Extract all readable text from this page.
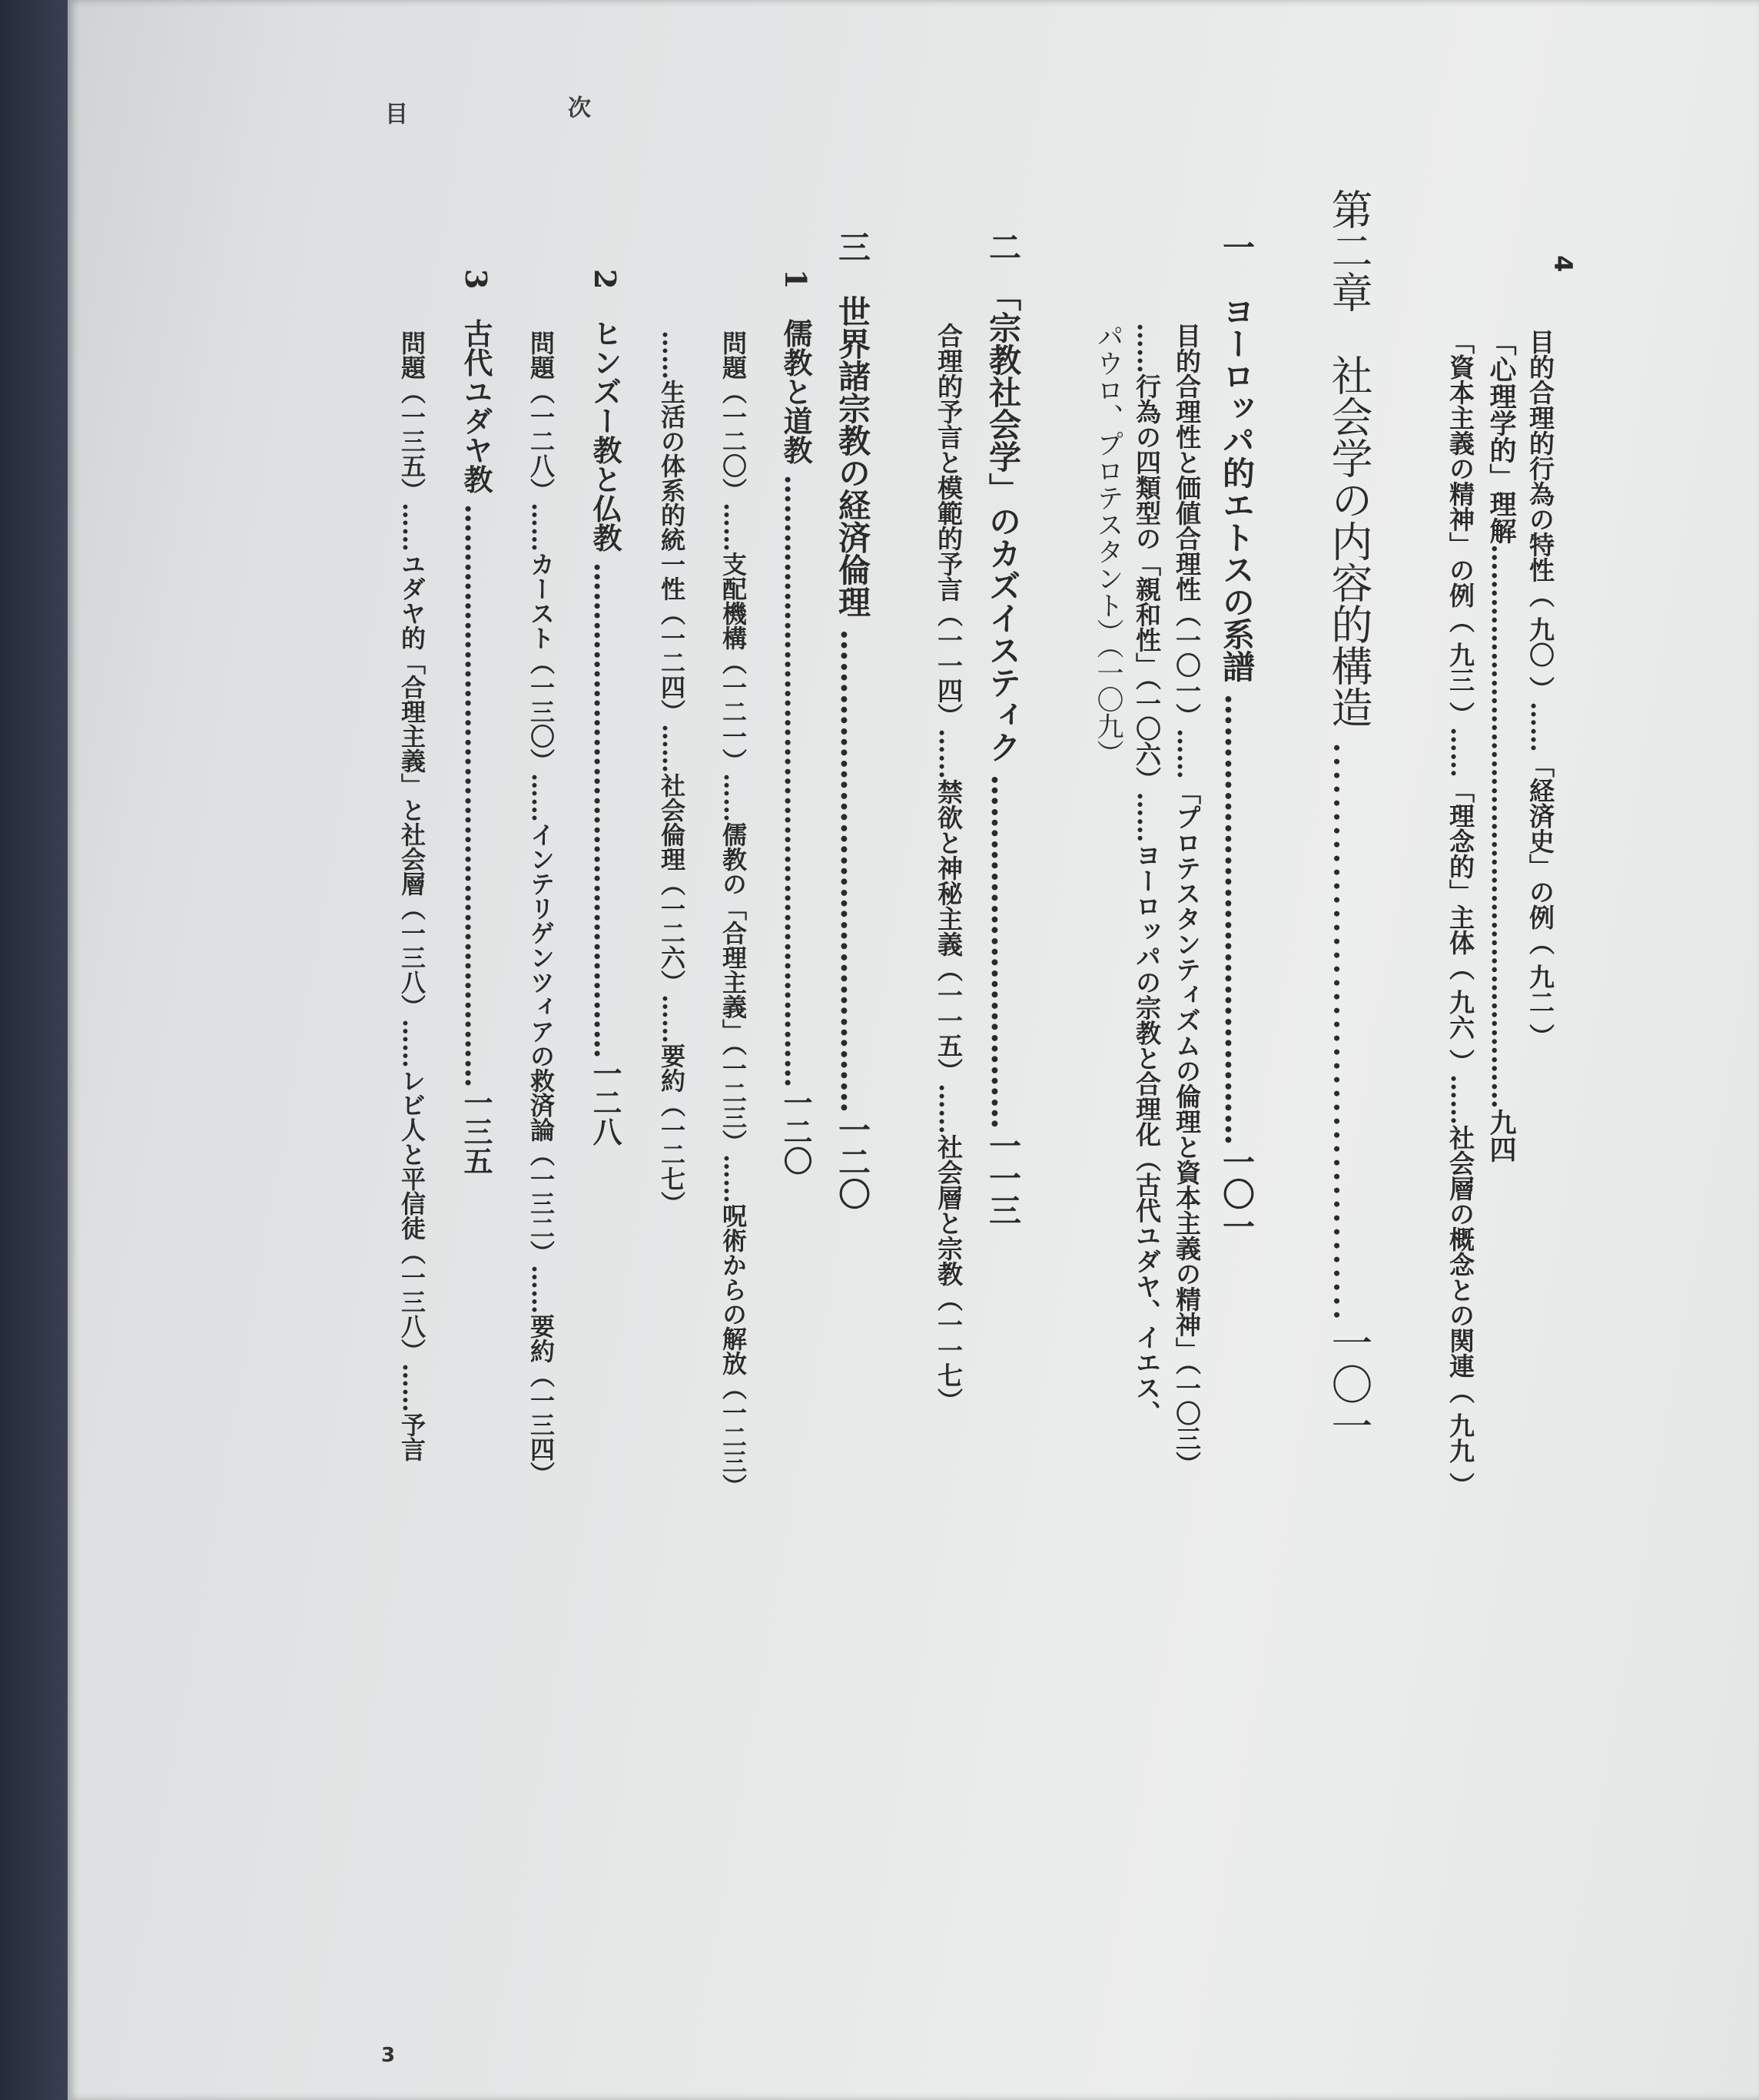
目	次
4
目的合理的行為の特性（ 九〇 ）……「経済史」の例（ 九二 ）
「心理学的」理解………………………………………………………九四
「資本主義の精神」の例（ 九三 ）……「理念的」主体（ 九六 ）……社会層の概念との関連（ 九九 ）
第二章　社会学の内容的構造 ……………………………………一〇一
一　ヨーロッパ的エトスの系譜 ……………………………………一〇一
目的合理性と価値合理性（一〇一）……「プロテスタンティズムの倫理と資本主義の精神」（一〇三）
……行為の四類型の「親和性」（一〇六）……ヨーロッパの宗教と合理化（古代ユダヤ、イエス、
パウロ、プロテスタント）（一〇九）
二　「宗教社会学」のカズイスティク ……………………………一一三
合理的予言と模範的予言（一一四）……禁欲と神秘主義（一一五）……社会層と宗教（一一七）
三　世界諸宗教の経済倫理 ………………………………………一二〇
1　儒教と道教 ………………………………………………………一二〇
問題（一二〇）……支配機構（一二一）……儒教の「合理主義」（一二三）……呪術からの解放（一二三）
……生活の体系的統一性（一二四）……社会倫理（一二六）……要約（一二七）
2　ヒンズー教と仏教 ……………………………………………一二八
問題（一二八）……カースト（一三〇）……インテリゲンツィアの救済論（一三二）……要約（一三四）
3　古代ユダヤ教 ……………………………………………………一三五
問題（一三五）……ユダヤ的「合理主義」と社会層（一三八）……レビ人と平信徒（一三八）……予言
3
